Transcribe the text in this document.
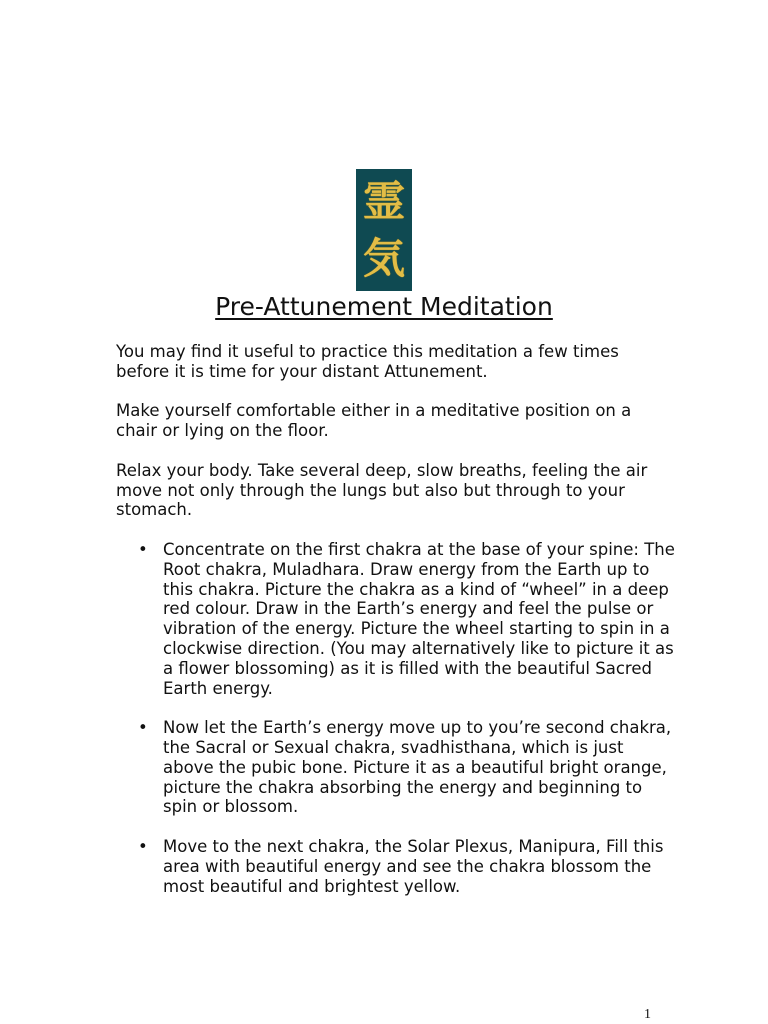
霊
気
Pre-Attunement Meditation

You may find it useful to practice this meditation a few times before it is time for your distant Attunement.

Make yourself comfortable either in a meditative position on a chair or lying on the floor.

Relax your body. Take several deep, slow breaths, feeling the air move not only through the lungs but also but through to your stomach.

• Concentrate on the first chakra at the base of your spine: The Root chakra, Muladhara. Draw energy from the Earth up to this chakra. Picture the chakra as a kind of “wheel” in a deep red colour. Draw in the Earth’s energy and feel the pulse or vibration of the energy. Picture the wheel starting to spin in a clockwise direction. (You may alternatively like to picture it as a flower blossoming) as it is filled with the beautiful Sacred Earth energy.
• Now let the Earth’s energy move up to you’re second chakra, the Sacral or Sexual chakra, svadhisthana, which is just above the pubic bone. Picture it as a beautiful bright orange, picture the chakra absorbing the energy and beginning to spin or blossom.
• Move to the next chakra, the Solar Plexus, Manipura, Fill this area with beautiful energy and see the chakra blossom the most beautiful and brightest yellow.
1
